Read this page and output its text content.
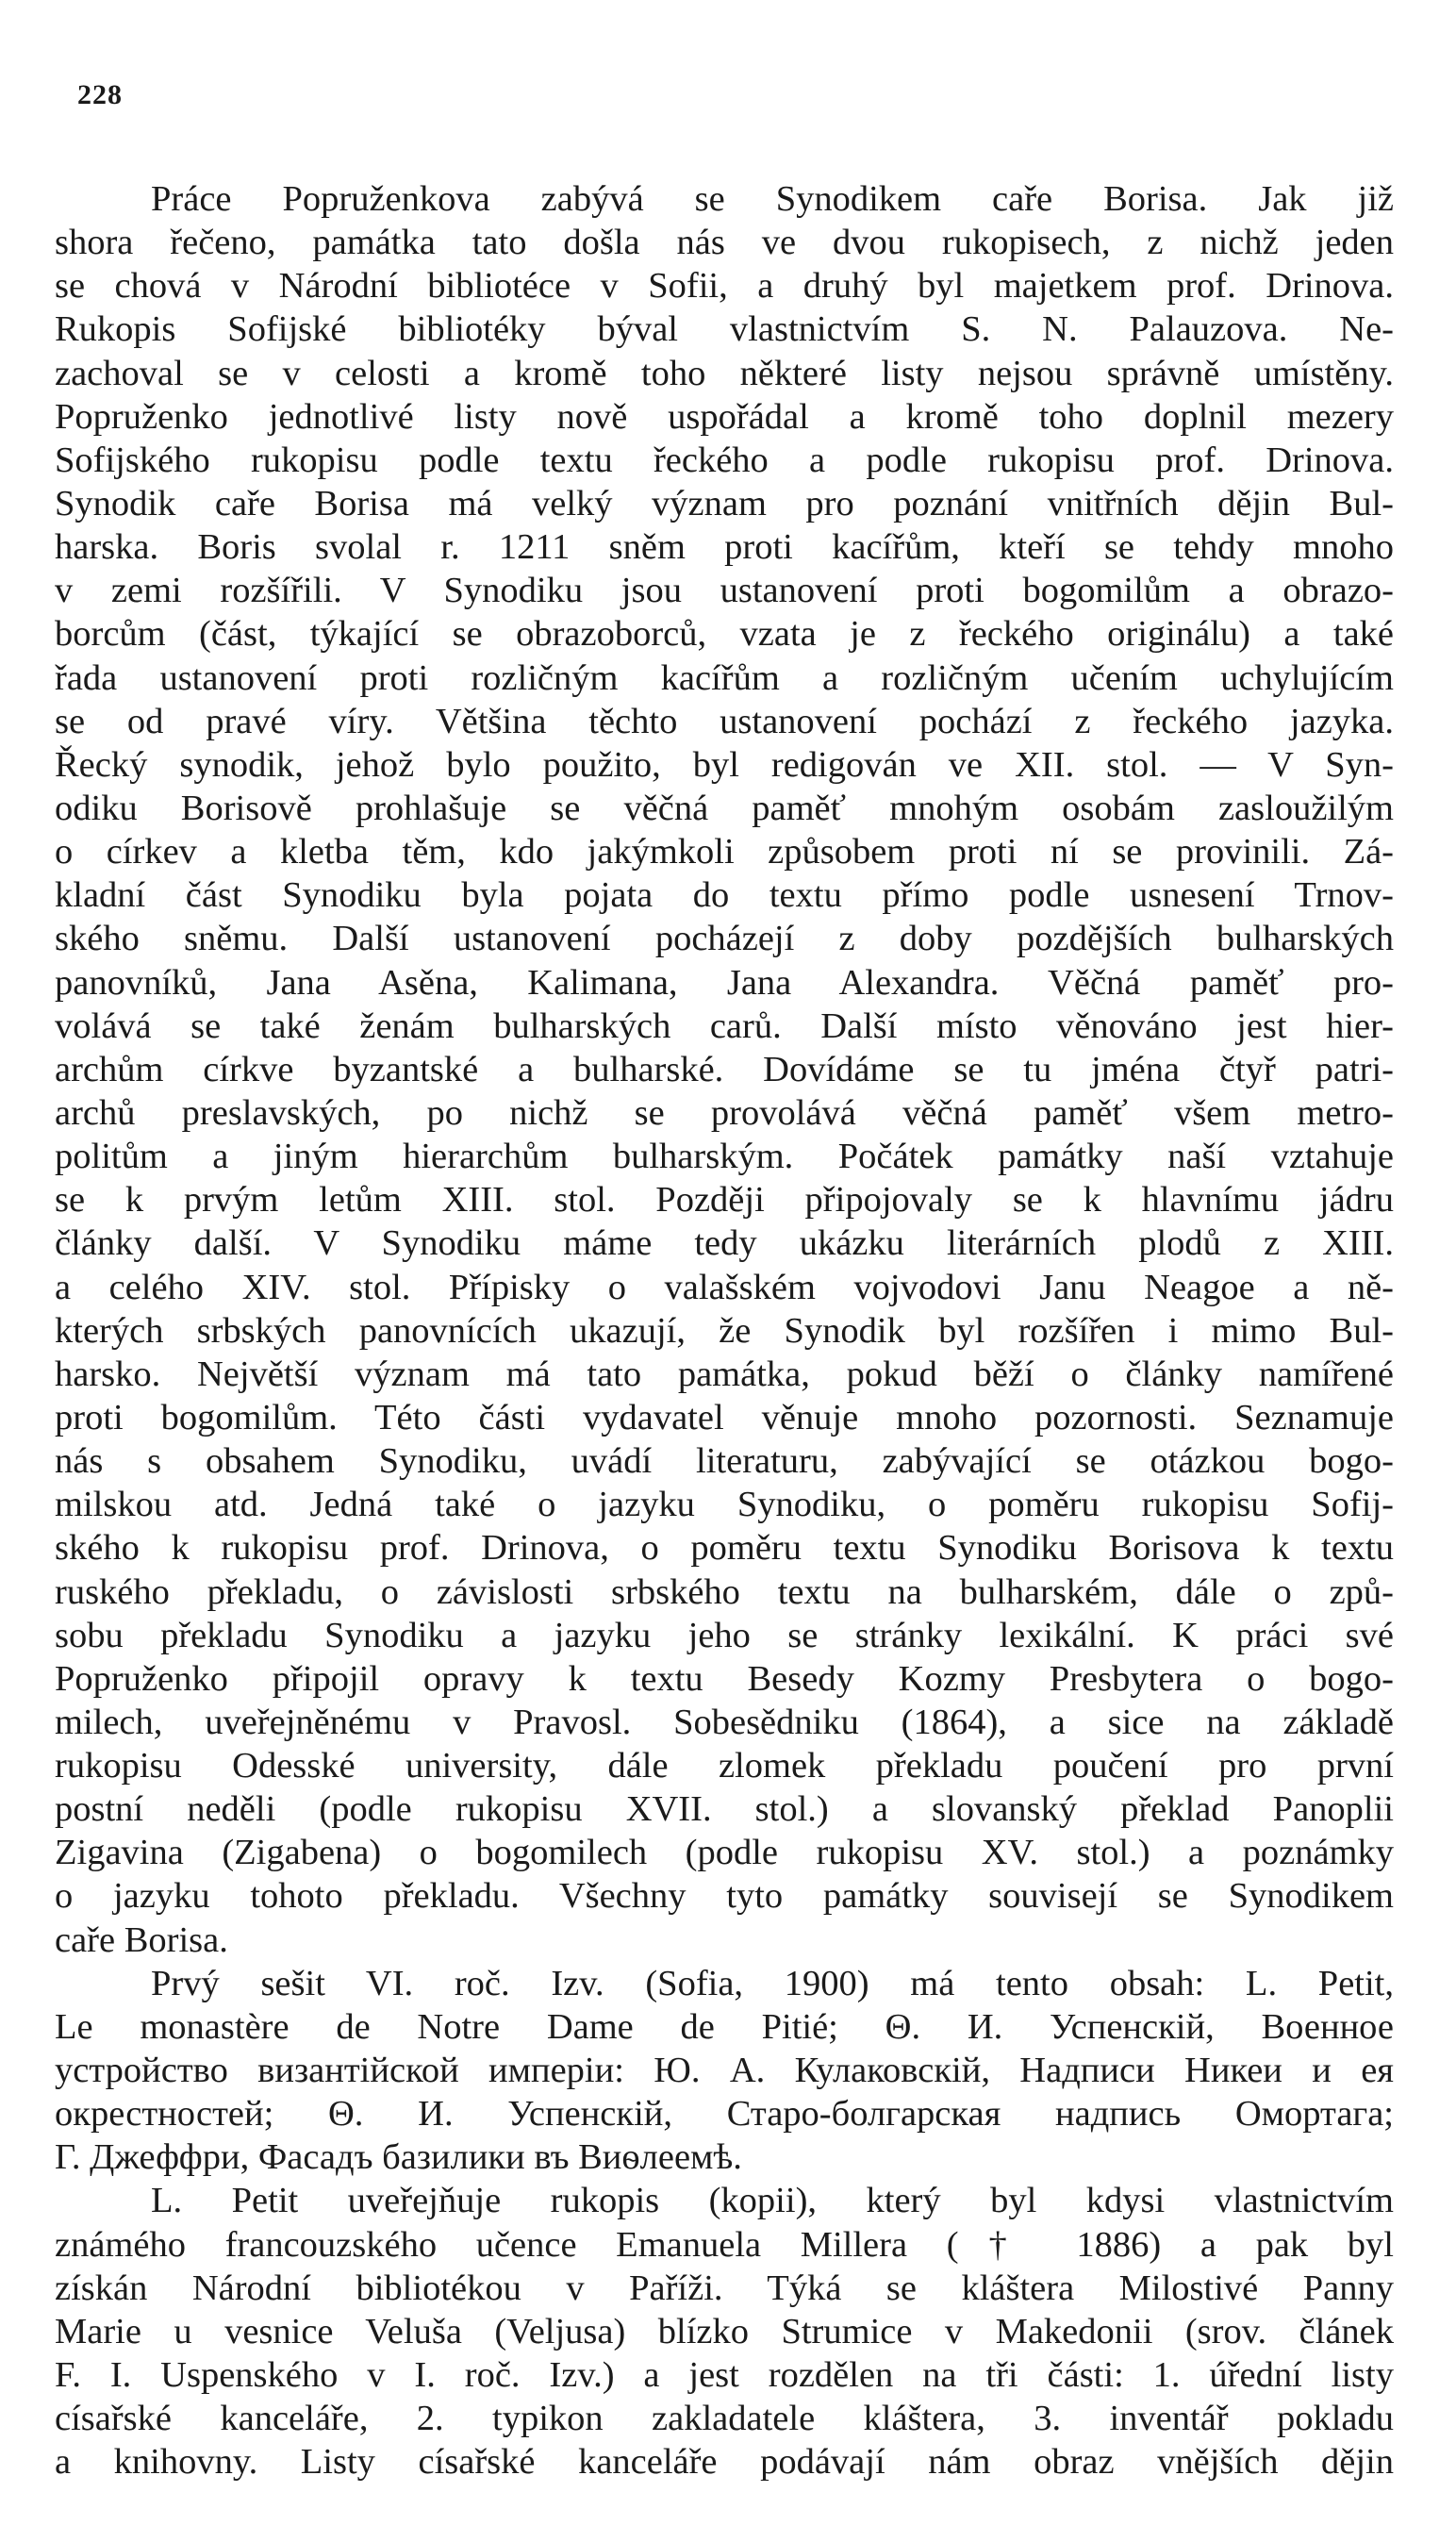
228
Práce Popruženkova zabývá se Synodikem caře Borisa. Jak již
shora řečeno, památka tato došla nás ve dvou rukopisech, z nichž jeden
se chová v Národní bibliotéce v Sofii, a druhý byl majetkem prof. Drinova.
Rukopis Sofijské bibliotéky býval vlastnictvím S. N. Palauzova. Ne-
zachoval se v celosti a kromě toho některé listy nejsou správně umístěny.
Popruženko jednotlivé listy nově uspořádal a kromě toho doplnil mezery
Sofijského rukopisu podle textu řeckého a podle rukopisu prof. Drinova.
Synodik caře Borisa má velký význam pro poznání vnitřních dějin Bul-
harska. Boris svolal r. 1211 sněm proti kacířům, kteří se tehdy mnoho
v zemi rozšířili. V Synodiku jsou ustanovení proti bogomilům a obrazo-
borcům (část, týkající se obrazoborců, vzata je z řeckého originálu) a také
řada ustanovení proti rozličným kacířům a rozličným učením uchylujícím
se od pravé víry. Většina těchto ustanovení pochází z řeckého jazyka.
Řecký synodik, jehož bylo použito, byl redigován ve XII. stol. — V Syn-
odiku Borisově prohlašuje se věčná paměť mnohým osobám zasloužilým
o církev a kletba těm, kdo jakýmkoli způsobem proti ní se provinili. Zá-
kladní část Synodiku byla pojata do textu přímo podle usnesení Trnov-
ského sněmu. Další ustanovení pocházejí z doby pozdějších bulharských
panovníků, Jana Asěna, Kalimana, Jana Alexandra. Věčná paměť pro-
volává se také ženám bulharských carů. Další místo věnováno jest hier-
archům církve byzantské a bulharské. Dovídáme se tu jména čtyř patri-
archů preslavských, po nichž se provolává věčná paměť všem metro-
politům a jiným hierarchům bulharským. Počátek památky naší vztahuje
se k prvým letům XIII. stol. Později připojovaly se k hlavnímu jádru
články další. V Synodiku máme tedy ukázku literárních plodů z XIII.
a celého XIV. stol. Přípisky o valašském vojvodovi Janu Neagoe a ně-
kterých srbských panovnících ukazují, že Synodik byl rozšířen i mimo Bul-
harsko. Největší význam má tato památka, pokud běží o články namířené
proti bogomilům. Této části vydavatel věnuje mnoho pozornosti. Seznamuje
nás s obsahem Synodiku, uvádí literaturu, zabývající se otázkou bogo-
milskou atd. Jedná také o jazyku Synodiku, o poměru rukopisu Sofij-
ského k rukopisu prof. Drinova, o poměru textu Synodiku Borisova k textu
ruského překladu, o závislosti srbského textu na bulharském, dále o způ-
sobu překladu Synodiku a jazyku jeho se stránky lexikální. K práci své
Popruženko připojil opravy k textu Besedy Kozmy Presbytera o bogo-
milech, uveřejněnému v Pravosl. Sobesědniku (1864), a sice na základě
rukopisu Odesské university, dále zlomek překladu poučení pro první
postní neděli (podle rukopisu XVII. stol.) a slovanský překlad Panoplii
Zigavina (Zigabena) o bogomilech (podle rukopisu XV. stol.) a poznámky
o jazyku tohoto překladu. Všechny tyto památky souvisejí se Synodikem
caře Borisa.
Prvý sešit VI. roč. Izv. (Sofia, 1900) má tento obsah: L. Petit,
Le monastère de Notre Dame de Pitié; Θ. И. Успенскій, Военное
устройство византійской имперіи: Ю. А. Кулаковскій, Надписи Никеи и ея
окрестностей; Θ. И. Успенскій, Старо-болгарская надпись Омортага;
Г. Джеффри, Фасадъ базилики въ Виѳлеемѣ.
L. Petit uveřejňuje rukopis (kopii), který byl kdysi vlastnictvím
známého francouzského učence Emanuela Millera († 1886) a pak byl
získán Národní bibliotékou v Paříži. Týká se kláštera Milostivé Panny
Marie u vesnice Veluša (Veljusa) blízko Strumice v Makedonii (srov. článek
F. I. Uspenského v I. roč. Izv.) a jest rozdělen na tři části: 1. úřední listy
císařské kanceláře, 2. typikon zakladatele kláštera, 3. inventář pokladu
a knihovny. Listy císařské kanceláře podávají nám obraz vnějších dějin
